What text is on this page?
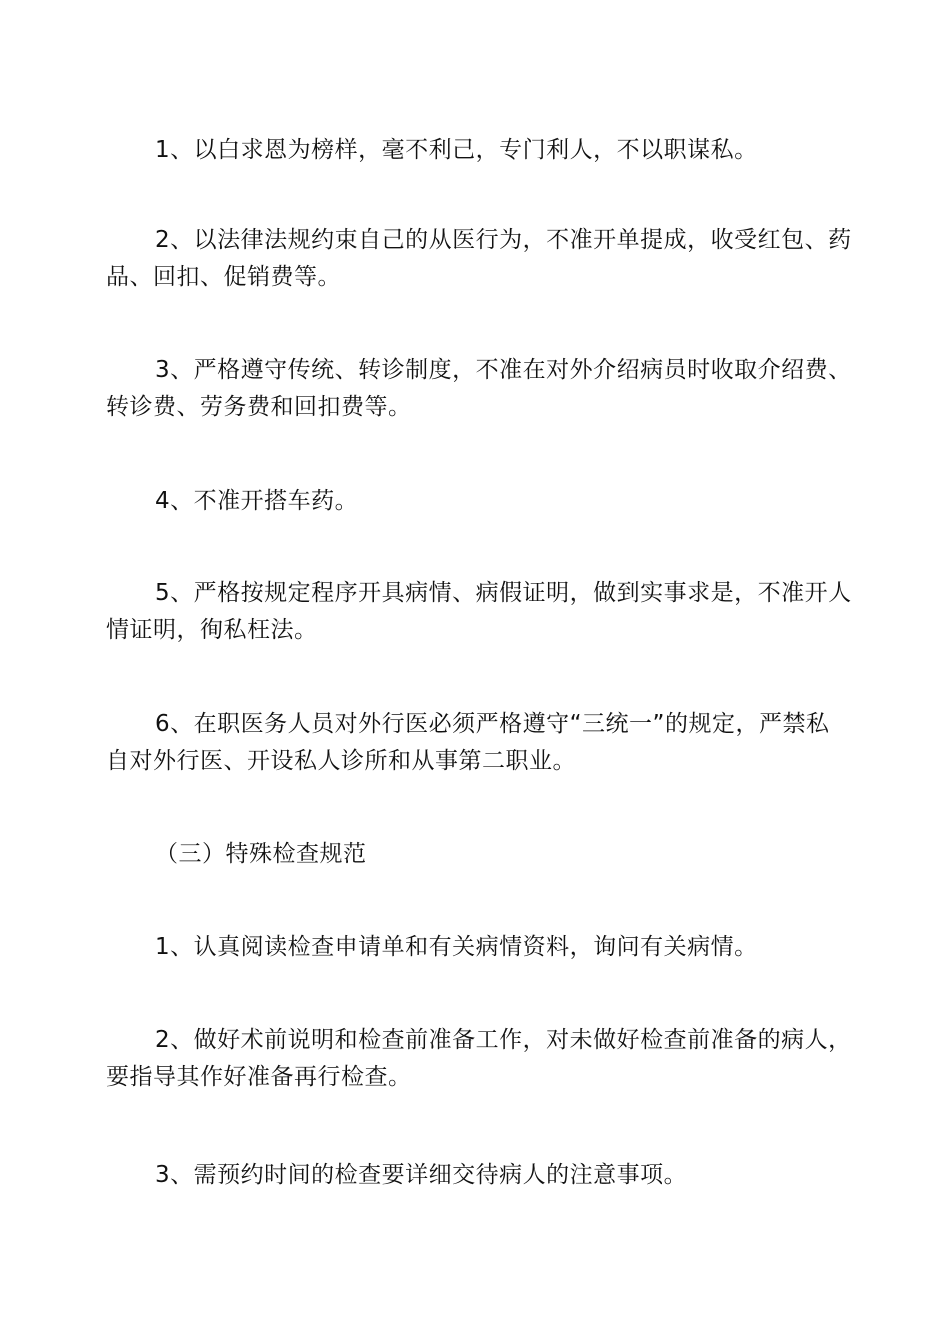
1、以白求恩为榜样，毫不利己，专门利人，不以职谋私。

2、以法律法规约束自己的从医行为，不准开单提成，收受红包、药品、回扣、促销费等。

3、严格遵守传统、转诊制度，不准在对外介绍病员时收取介绍费、转诊费、劳务费和回扣费等。

4、不准开搭车药。

5、严格按规定程序开具病情、病假证明，做到实事求是，不准开人情证明，徇私枉法。

6、在职医务人员对外行医必须严格遵守“三统一”的规定，严禁私自对外行医、开设私人诊所和从事第二职业。

（三）特殊检查规范

1、认真阅读检查申请单和有关病情资料，询问有关病情。

2、做好术前说明和检查前准备工作，对未做好检查前准备的病人，要指导其作好准备再行检查。

3、需预约时间的检查要详细交待病人的注意事项。
